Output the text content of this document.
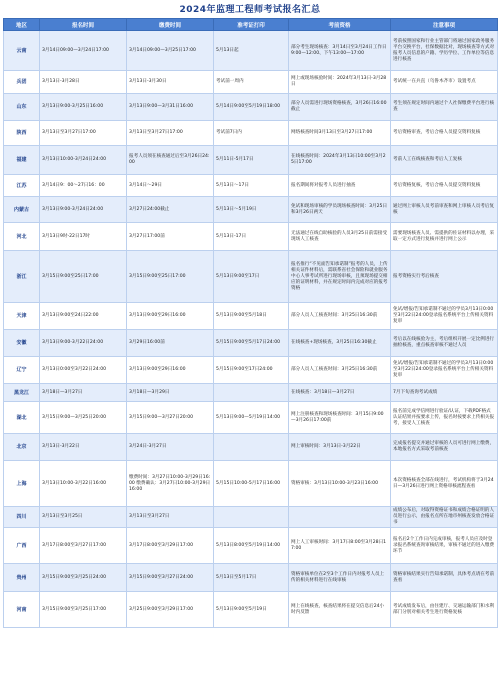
2024年监理工程师考试报名汇总
地区	报名时间	缴费时间	准考证打印	考前资格	注意事项
云南	3月14日09:00—3月24日17:00	3月14日09:00—3月25日17:00	5月13日起	部分考生现场核查：3月14日至3月24日工作日9:00—12:00、下午13:00—17:00	考前按照国家和行业主管部门将通过国家政务服务平台交换平台，社保数据比对，现场核查等方式对报考人员信息的户籍、学历学位、工作单位等信息进行核查
兵团	3月13日-3月28日	3月13日-3月30日	考试前一周内	网上或现场核验时间：2024年3月13日-3月28日	考试统一在兵直（乌鲁木齐市）设置考点
山东	3月13日9:00-3月25日16:00	3月13日9:00—3月31日16:00	5月14日9:00至5月19日18:00	部分人员需进行现场资格核查，3月26日16:00截止	考生须在规定时间内通过个人社保缴费平台进行核查
陕西	3月13日至3月27日17:00	3月13日至3月27日17:00	考试前7日内	网络核查时间3月13日至3月27日17:00	考后资格审查，考后合格人员提交资料复核
福建	3月13日10:00-3月24日24:00	报考人员须在核查通过后至3月26日24:00	5月11日-5月17日	在线核查时间：2024年3月13日10:00至3月25日17:00	考前人工在线核查和考后人工复核
江苏	3月14日9：00～27日16：00	3月14日～29日	5月13日～17日	报名期间将对报考人员进行抽查	考后资格复核，考后合格人员提交资料复核
内蒙古	3月13日9:00-3月24日24:00	3月27日24:00截止	5月13日～5月19日	免试和现场审核的学员现场核查时间：3月25日和3月26日两天	通过网上审核人员考前审查和网上审核人员考后复核
河北	3月13日9时-22日17时	3月27日17:00前	5月13日-17日	无法通过在线自助核验的人员3月25日前需接受现场人工核查	需要现场核查人员、需提供的佐证材料以办理，采取一定方式进行复核并进行网上公示
浙江	3月15日9:00至25日17:00	3月15日9:00至25日17:00	5月13日9:00至17日	报名推行“不见面告知承诺制”报考的人员，上传相关证件材料后，需联系省社会保险和就业服务中心人事考试所进行现场审核，且须现场提交相应的证明材料，并在规定时间内完成对应的报考资格	报考资格实行考后核查
天津	3月13日9:00至24日22:00	3月13日9:00至29日16:00	5月13日9:00至5月18日	部分人员人工核查时间：3月25日16:30前	免试/增报/告知承诺制不通过的学员3月13日0:00至3月22日24:00登录报名系统平台上传相关资料复审
安徽	3月13日9:00-3月22日24:00	3月29日16:00前	5月15日9:00至5月17日24:00	在线核查+现场核查，3月25日16:30截止	考后以在线核验为主，考后组织开展一定比例进行抽检核查，重点核查审核不通过人员
辽宁	3月13日0:00至3月22日24:00	3月13日9:00至29日16:00	5月15日9:00至17日24:00	部分人员人工核查时间：3月25日16:30前	免试/增报/告知承诺制不通过的学员3月13日0:00至3月22日24:00登录报名系统平台上传相关资料复审
黑龙江	3月18日—3月27日	3月18日—3月29日		在线核查：3月18日—3月27日	7月下旬查询考试成绩
湖北	3月15日9:00—3月25日20:00	3月15日9:00—3月27日20:00	5月13日9:00—5月19日14:00	网上注册核查和现场核查时间：3月15日9:00—3月26日17:00前	报名前完成学信网进行验证/认证，下载PDF格式认证结果并按要求上传，报名时按要求上传相关报考，接受人工核查
北京	3月13日-3月22日	3月24日-3月27日		网上审核时间：3月13日-3月22日	完成报名提交并通过审核的人员可进行网上缴费，本地报名方式采取考前核查
上海	3月13日10:00-3月22日16:00	缴费时间：3月27日10:00-3月29日16:00 缴费确认：3月27日10:00-3月29日16:00	5月15日10:00-5月17日16:00	资格审核：3月13日10:00-3月23日16:00	本次资格核查全部在线进行，考试机构将于3月24日—3月26日进行网上资格审核流程查看
四川	3月13日至3月25日	3月13日至3月27日			成绩公布后，对取得资格证书和成绩合格证明的人员进行公示，由报名点所在地市州核查发放合格证书
广西	3月17日8:00至3月27日17:00	3月17日8:00至3月29日17:00	5月13日8:00至5月19日14:00	网上人工审核时间：3月17日8:00至3月28日17:00	报名后2个工作日内完成审核，报考人员应及时登录报名系统查询审核结果，审核不通过的进入缴费环节
贵州	3月15日9:00至3月25日24:00	3月15日9:00至3月27日24:00	5月13日至5月17日	资格审核单位在2至3个工作日内对报考人员上传的相关材料进行在线审核	资格审核结果实行告知承诺制，具体考点请在考前查看
河南	3月15日9:00至3月25日17:00	3月25日9:00至3月29日17:00	5月13日9:00至5月19日	网上在线核查，核查结果将在提交信息后24小时内反馈	考试成绩发布后，由住建厅、交通运输部门和水利部门分别对相关考生进行资格复核
